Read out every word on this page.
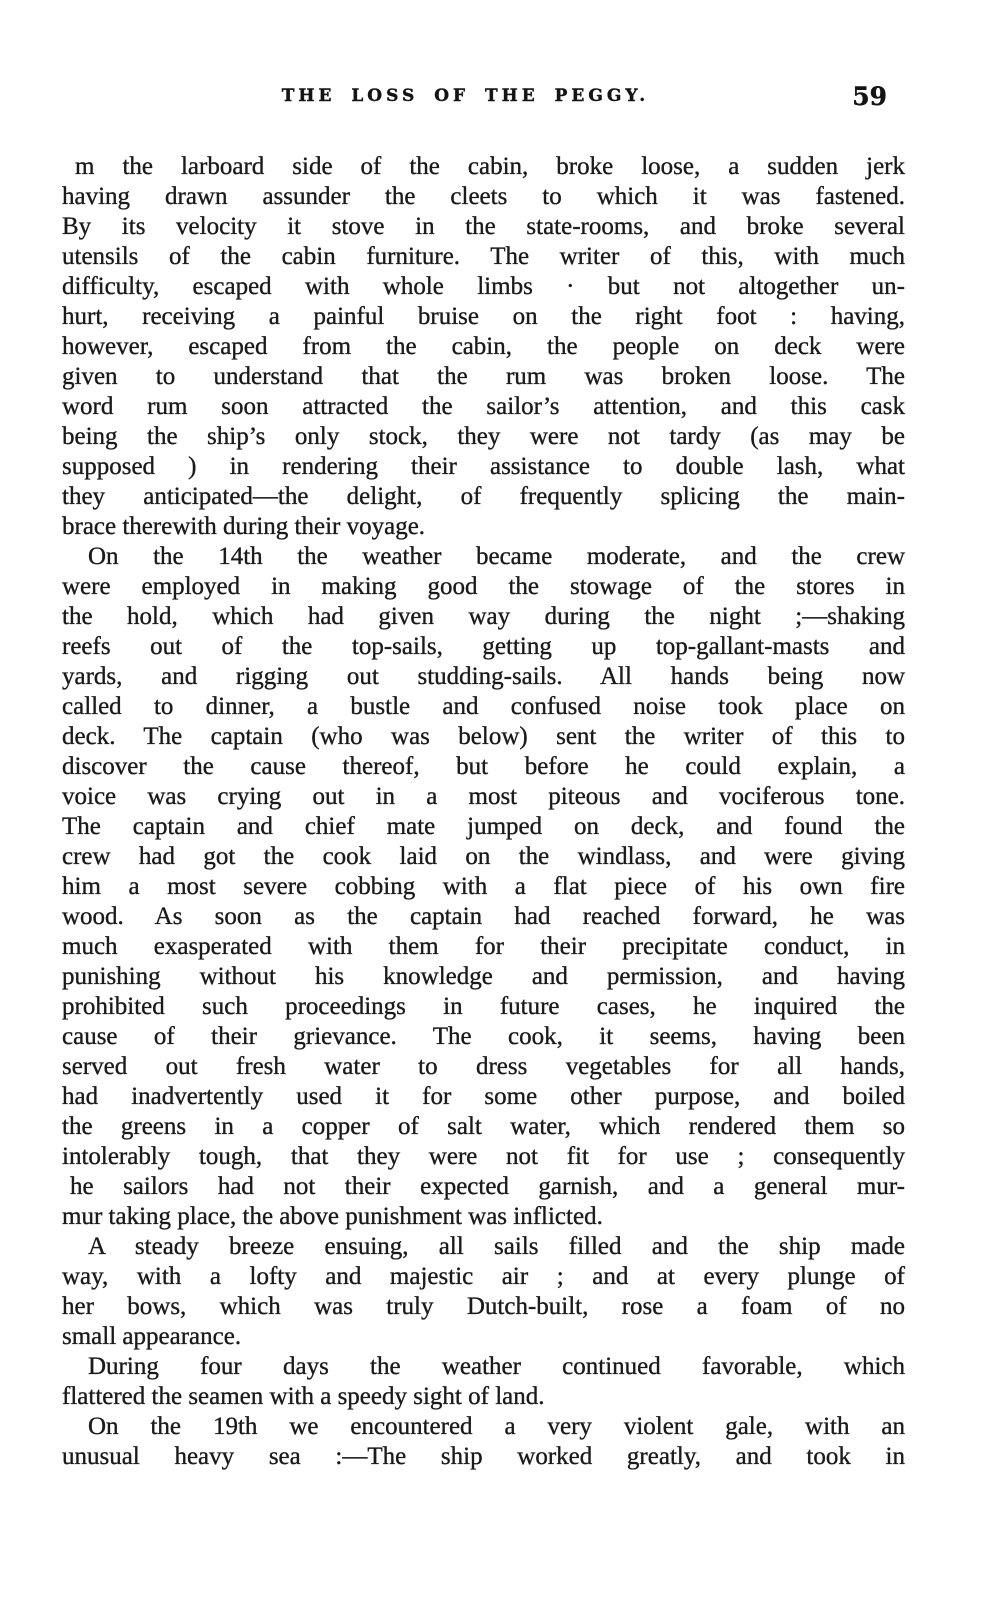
THE LOSS OF THE PEGGY.	59
m the larboard side of the cabin, broke loose, a sudden jerk
having drawn assunder the cleets to which it was fastened.
By its velocity it stove in the state-rooms, and broke several
utensils of the cabin furniture. The writer of this, with much
difficulty, escaped with whole limbs · but not altogether un-
hurt, receiving a painful bruise on the right foot : having,
however, escaped from the cabin, the people on deck were
given to understand that the rum was broken loose. The
word rum soon attracted the sailor’s attention, and this cask
being the ship’s only stock, they were not tardy (as may be
supposed ) in rendering their assistance to double lash, what
they anticipated—the delight, of frequently splicing the main-
brace therewith during their voyage.
On the 14th the weather became moderate, and the crew
were employed in making good the stowage of the stores in
the hold, which had given way during the night ;—shaking
reefs out of the top-sails, getting up top-gallant-masts and
yards, and rigging out studding-sails. All hands being now
called to dinner, a bustle and confused noise took place on
deck. The captain (who was below) sent the writer of this to
discover the cause thereof, but before he could explain, a
voice was crying out in a most piteous and vociferous tone.
The captain and chief mate jumped on deck, and found the
crew had got the cook laid on the windlass, and were giving
him a most severe cobbing with a flat piece of his own fire
wood. As soon as the captain had reached forward, he was
much exasperated with them for their precipitate conduct, in
punishing without his knowledge and permission, and having
prohibited such proceedings in future cases, he inquired the
cause of their grievance. The cook, it seems, having been
served out fresh water to dress vegetables for all hands,
had inadvertently used it for some other purpose, and boiled
the greens in a copper of salt water, which rendered them so
intolerably tough, that they were not fit for use ; consequently
he sailors had not their expected garnish, and a general mur-
mur taking place, the above punishment was inflicted.
A steady breeze ensuing, all sails filled and the ship made
way, with a lofty and majestic air ; and at every plunge of
her bows, which was truly Dutch-built, rose a foam of no
small appearance.
During four days the weather continued favorable, which
flattered the seamen with a speedy sight of land.
On the 19th we encountered a very violent gale, with an
unusual heavy sea :—The ship worked greatly, and took in
